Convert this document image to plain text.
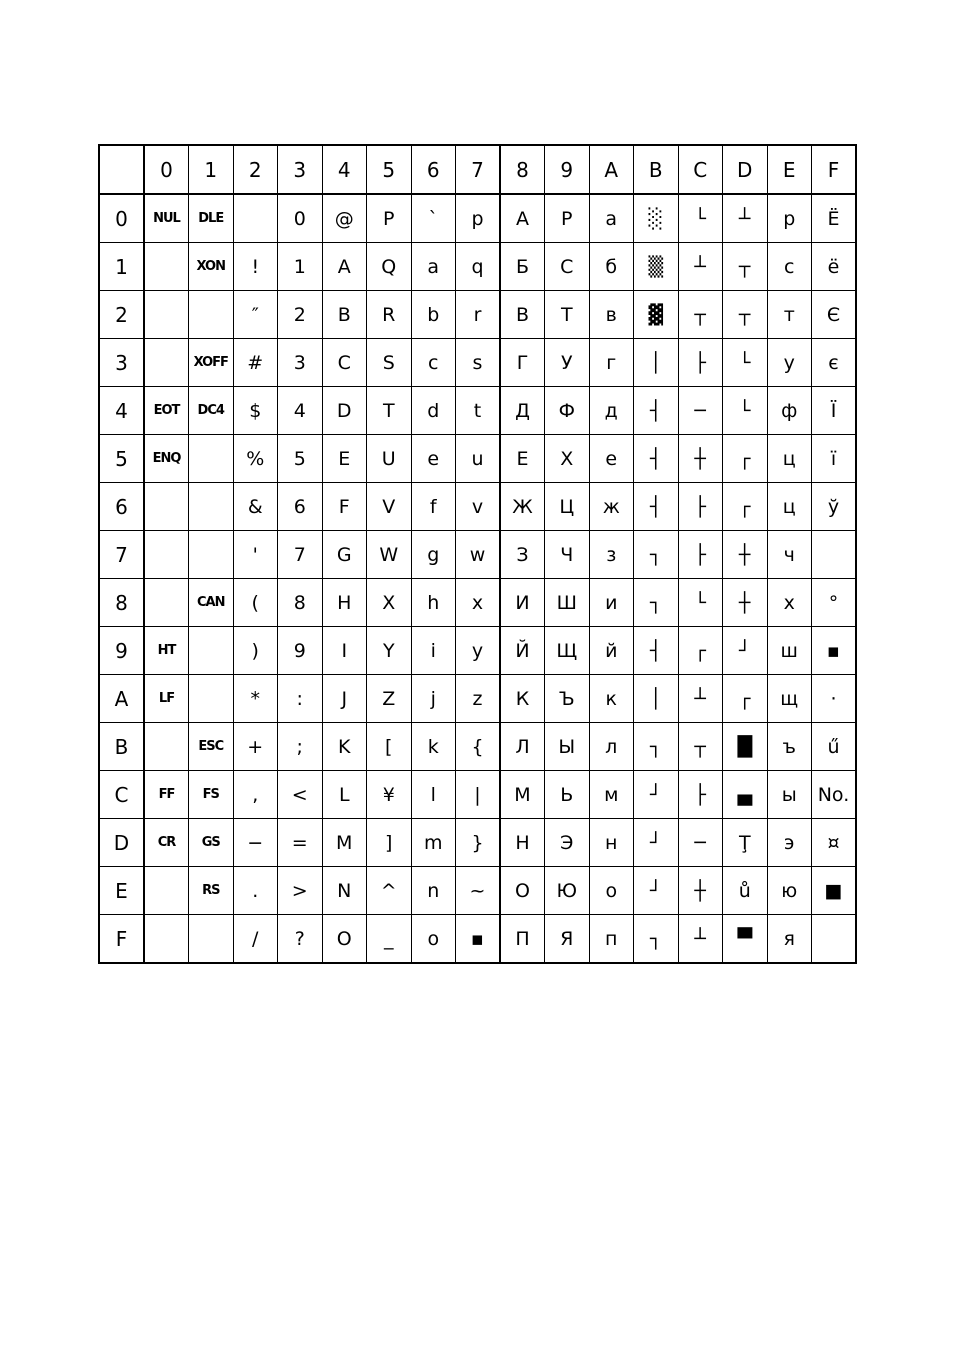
	0	1	2	3	4	5	6	7	8	9	A	B	C	D	E	F
0	NUL	DLE		0	@	P	`	p	А	Р	а	░	└	┴	р	Ё
1		XON	!	1	A	Q	a	q	Б	С	б	▒	┴	┬	с	ё
2			″	2	B	R	b	r	В	Т	в	▓	┬	┬	т	Є
3		XOFF	#	3	C	S	c	s	Г	У	г	│	├	└	у	є
4	EOT	DC4	$	4	D	T	d	t	Д	Ф	д	┤	─	└	ф	Ї
5	ENQ		%	5	E	U	e	u	Е	Х	е	┤	┼	┌	ц	ї
6			&	6	F	V	f	v	Ж	Ц	ж	┤	├	┌	ц	ў
7			'	7	G	W	g	w	З	Ч	з	┐	├	┼	ч	
8		CAN	(	8	H	X	h	x	И	Ш	и	┐	└	┼	х	°
9	HT		)	9	I	Y	i	y	Й	Щ	й	┤	┌	┘	ш	▪
A	LF		*	:	J	Z	j	z	К	Ъ	к	│	┴	┌	щ	·
B		ESC	+	;	K	[	k	{	Л	Ы	л	┐	┬	█	ъ	ű
C	FF	FS	,	<	L	¥	l	|	М	Ь	м	┘	├	▄	ы	No.
D	CR	GS	−	=	M	]	m	}	Н	Э	н	┘	─	Ţ	э	¤
E		RS	.	>	N	^	n	~	О	Ю	о	┘	┼	ů	ю	■
F			/	?	O	_	o	▪	П	Я	п	┐	┴	▀	я	
